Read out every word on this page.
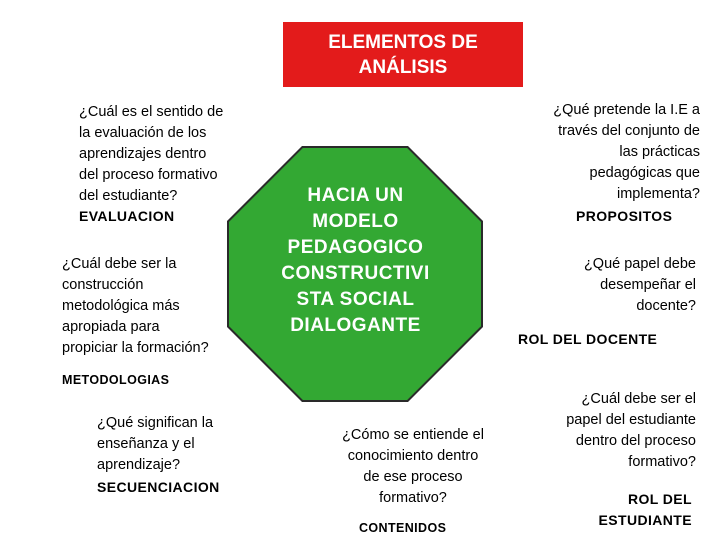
ELEMENTOS DE
ANÁLISIS
HACIA UN
MODELO
PEDAGOGICO
CONSTRUCTIVI
STA SOCIAL
DIALOGANTE
¿Cuál es el sentido de
la evaluación de los
aprendizajes dentro
del proceso formativo
del estudiante?
EVALUACION
¿Qué pretende la I.E a
través del conjunto de
las prácticas
pedagógicas que
implementa?
PROPOSITOS
¿Cuál debe ser la
construcción
metodológica más
apropiada para
propiciar la formación?
METODOLOGIAS
¿Qué papel debe
desempeñar el
docente?
ROL DEL DOCENTE
¿Qué significan la
enseñanza y el
aprendizaje?
SECUENCIACION
¿Cómo se entiende el
conocimiento dentro
de ese proceso
formativo?
CONTENIDOS
¿Cuál debe ser el
papel del estudiante
dentro del proceso
formativo?
ROL DEL
ESTUDIANTE
